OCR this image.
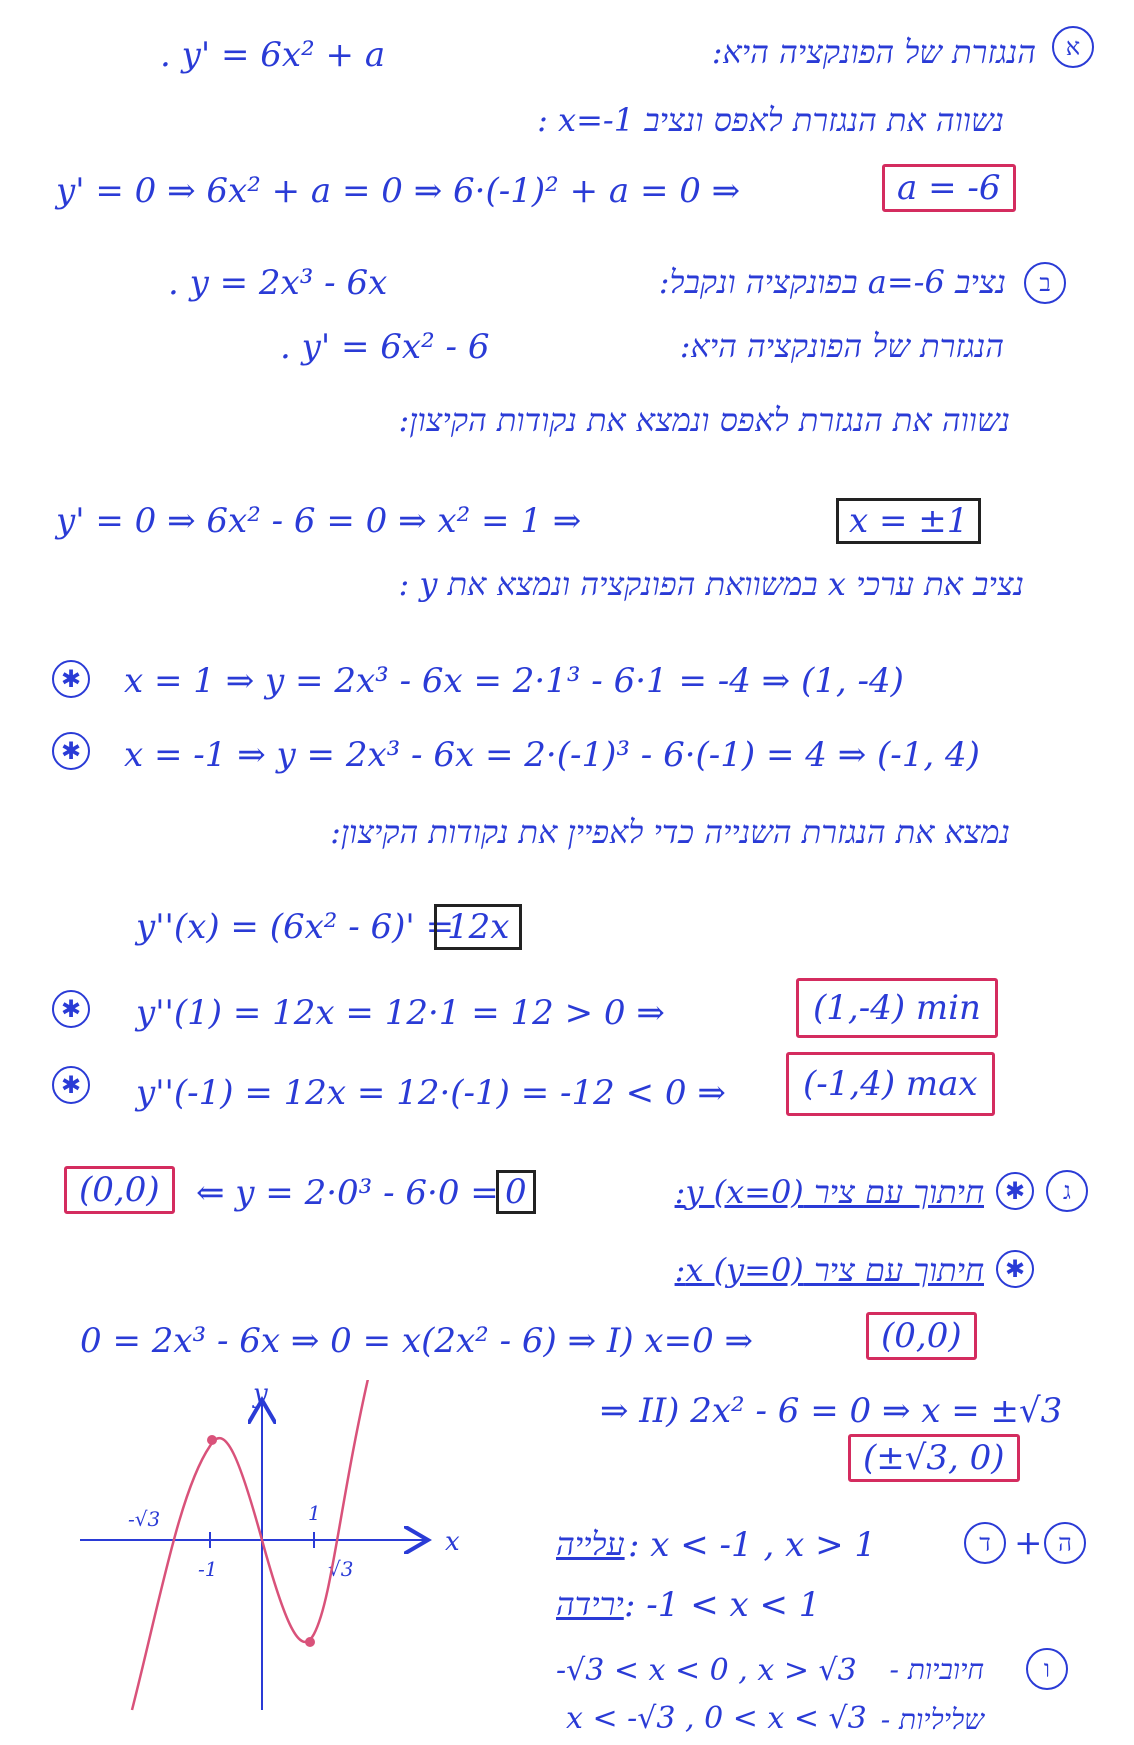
א
הנגזרת של הפונקציה היא:
. y' = 6x² + a
נשווה את הנגזרת לאפס ונציב x=-1 :
y' = 0 ⇒ 6x² + a = 0 ⇒ 6·(-1)² + a = 0 ⇒	a = -6
ב
נציב a=-6 בפונקציה ונקבל:
. y = 2x³ - 6x
הנגזרת של הפונקציה היא:
. y' = 6x² - 6
נשווה את הנגזרת לאפס ונמצא את נקודות הקיצון:
y' = 0 ⇒ 6x² - 6 = 0 ⇒ x² = 1 ⇒	x = ±1
נציב את ערכי x במשוואת הפונקציה ונמצא את y :
✱ x = 1 ⇒ y = 2x³ - 6x = 2·1³ - 6·1 = -4 ⇒ (1, -4)
✱ x = -1 ⇒ y = 2x³ - 6x = 2·(-1)³ - 6·(-1) = 4 ⇒ (-1, 4)
נמצא את הנגזרת השנייה כדי לאפיין את נקודות הקיצון:
y''(x) = (6x² - 6)' =
12x
✱ y''(1) = 12x = 12·1 = 12 > 0 ⇒	(1,-4) min
✱ y''(-1) = 12x = 12·(-1) = -12 < 0 ⇒	(-1,4) max
ג
✱
חיתוך עם ציר y (x=0):
(0,0)	⇐ y = 2·0³ - 6·0 = 0
✱
חיתוך עם ציר x (y=0):
0 = 2x³ - 6x ⇒ 0 = x(2x² - 6) ⇒ I) x=0 ⇒	(0,0)
⇒ II) 2x² - 6 = 0 ⇒ x = ±√3
(±√3, 0)
x
y
-√3
-1
1
√3
ה
+
ד
עלייה : x < -1 , x > 1
ירידה : -1 < x < 1
ו
חיוביות -
-√3 < x < 0 , x > √3
שליליות -
x < -√3 , 0 < x < √3
